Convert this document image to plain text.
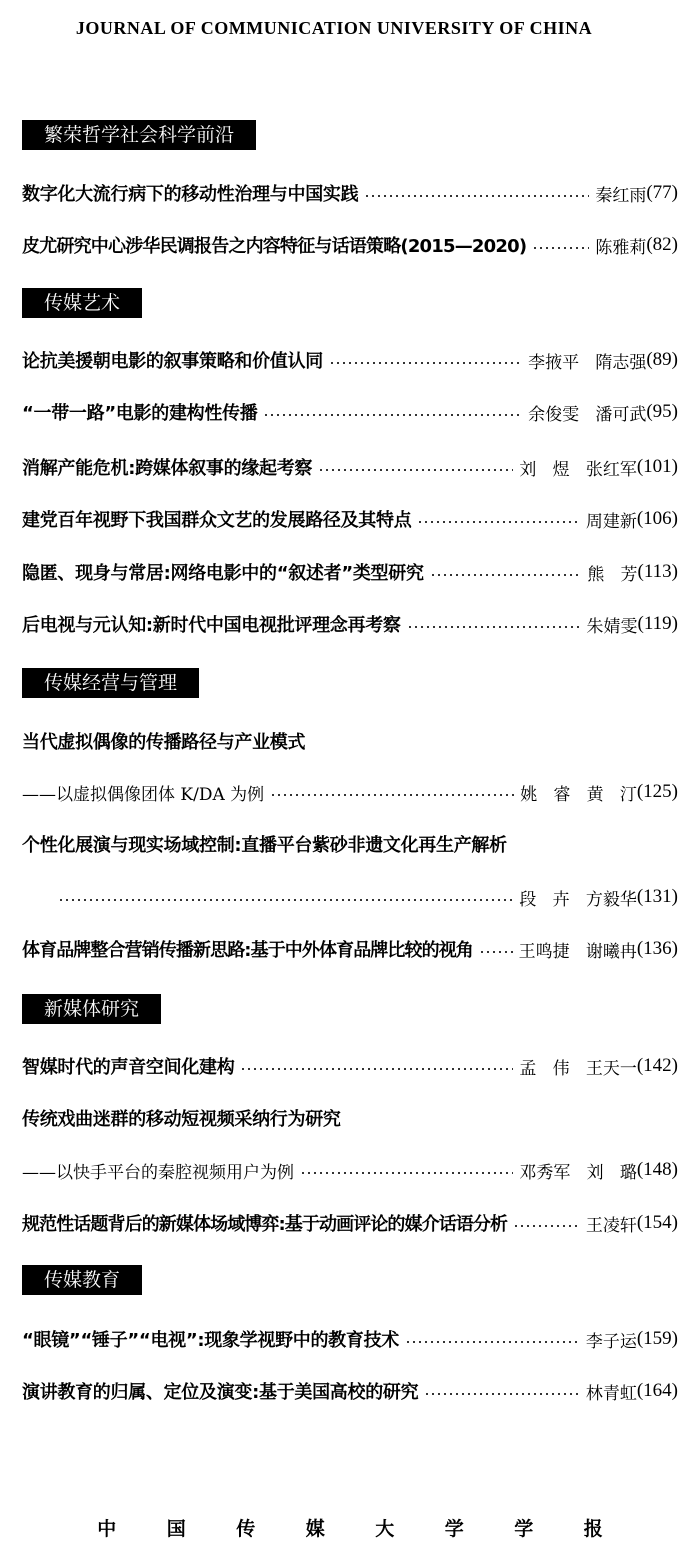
JOURNAL OF COMMUNICATION UNIVERSITY OF CHINA
繁荣哲学社会科学前沿
传媒艺术
传媒经营与管理
新媒体研究
传媒教育
数字化大流行病下的移动性治理与中国实践	秦红雨 (77)
皮尤研究中心涉华民调报告之内容特征与话语策略(2015—2020)	陈雅莉 (82)
论抗美援朝电影的叙事策略和价值认同	李掖平   隋志强 (89)
“一带一路”电影的建构性传播	余俊雯   潘可武 (95)
消解产能危机:跨媒体叙事的缘起考察	刘   煜   张红军 (101)
建党百年视野下我国群众文艺的发展路径及其特点	周建新 (106)
隐匿、现身与常居:网络电影中的“叙述者”类型研究	熊   芳 (113)
后电视与元认知:新时代中国电视批评理念再考察	朱婧雯 (119)
当代虚拟偶像的传播路径与产业模式
——以虚拟偶像团体 K/DA 为例	姚   睿   黄   汀 (125)
个性化展演与现实场域控制:直播平台紫砂非遗文化再生产解析
段   卉   方毅华 (131)
体育品牌整合营销传播新思路:基于中外体育品牌比较的视角	王鸣捷   谢曦冉 (136)
智媒时代的声音空间化建构	孟   伟   王天一 (142)
传统戏曲迷群的移动短视频采纳行为研究
——以快手平台的秦腔视频用户为例	邓秀军   刘   璐 (148)
规范性话题背后的新媒体场域博弈:基于动画评论的媒介话语分析	王凌轩 (154)
“眼镜”“锤子”“电视”:现象学视野中的教育技术	李子运 (159)
演讲教育的归属、定位及演变:基于美国高校的研究	林青虹 (164)
中	国	传	媒	大	学	学	报
